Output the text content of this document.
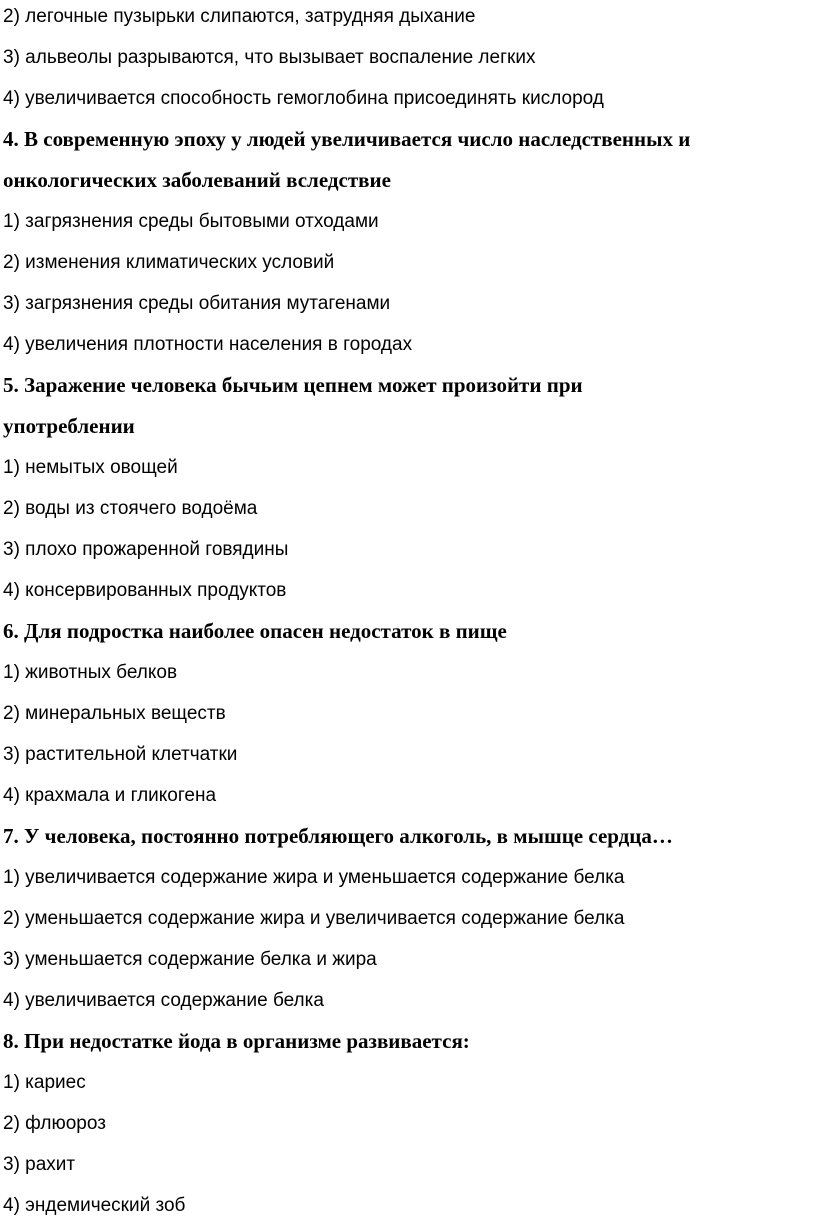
2) легочные пузырьки слипаются, затрудняя дыхание
3) альвеолы разрываются, что вызывает воспаление легких
4) увеличивается способность гемоглобина присоединять кислород
4. В современную эпоху у людей увеличивается число наследственных и
онкологических заболеваний вследствие
1) загрязнения среды бытовыми отходами
2) изменения климатических условий
3) загрязнения среды обитания мутагенами
4) увеличения плотности населения в городах
5. Заражение человека бычьим цепнем может произойти при
употреблении
1) немытых овощей
2) воды из стоячего водоёма
3) плохо прожаренной говядины
4) консервированных продуктов
6. Для подростка наиболее опасен недостаток в пище
1) животных белков
2) минеральных веществ
3) растительной клетчатки
4) крахмала и гликогена
7. У человека, постоянно потребляющего алкоголь, в мышце сердца…
1) увеличивается содержание жира и уменьшается содержание белка
2) уменьшается содержание жира и увеличивается содержание белка
3) уменьшается содержание белка и жира
4) увеличивается содержание белка
8. При недостатке йода в организме развивается:
1) кариес
2) флюороз
3) рахит
4) эндемический зоб
